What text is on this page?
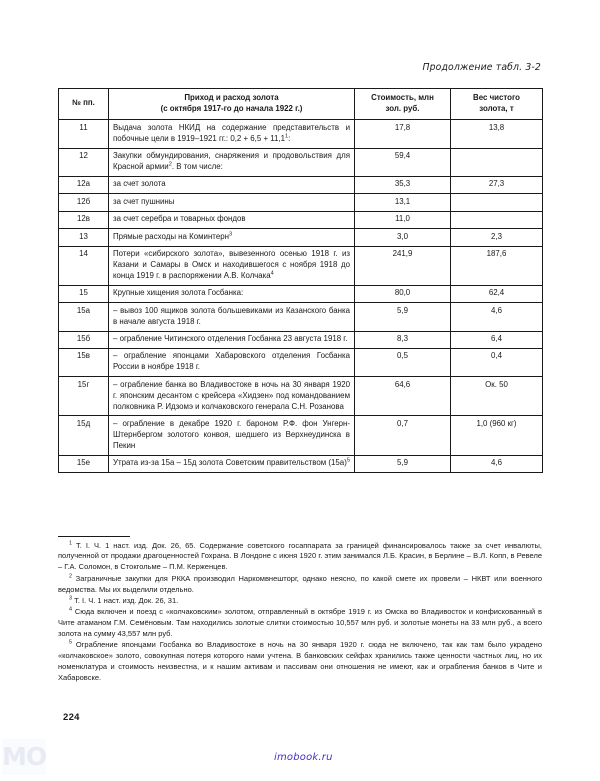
Продолжение табл. 3-2
№ пп.	
Приход и расход золота
(с октября 1917-го до начала 1922 г.)

Стоимость, млн
зол. руб.

Вес чистого
золота, т

11	Выдача золота НКИД на содержание представительств и побочные цели в 1919–1921 гг.: $0,2 + 6,5 + 11,1^1$:	17,8	13,8
12	Закупки обмундирования, снаряжения и продовольствия для Красной армии$^2$. В том числе:	59,4	
12а	за счет золота	35,3	27,3
12б	за счет пушнины	13,1	
12в	за счет серебра и товарных фондов	11,0	
13	Прямые расходы на Коминтерн$^3$	3,0	2,3
14	Потери «сибирского золота», вывезенного осенью 1918 г. из Казани и Самары в Омск и находившегося с ноября 1918 до конца 1919 г. в распоряжении А.В. Колчака$^4$	241,9	187,6
15	Крупные хищения золота Госбанка:	80,0	62,4
15а	– вывоз 100 ящиков золота большевиками из Казанского банка в начале августа 1918 г.	5,9	4,6
15б	– ограбление Читинского отделения Госбанка 23 августа 1918 г.	8,3	6,4
15в	– ограбление японцами Хабаровского отделения Госбанка России в ноябре 1918 г.	0,5	0,4
15г	– ограбление банка во Владивостоке в ночь на 30 января 1920 г. японским десантом с крейсера «Хидзен» под командованием полковника Р. Идзомэ и колчаковского генерала С.Н. Розанова	64,6	Ок. 50
15д	– ограбление в декабре 1920 г. бароном Р.Ф. фон Унгерн-Штернбергом золотого конвоя, шедшего из Верхнеудинска в Пекин	0,7	1,0 (960 кг)
15е	Утрата из-за 15а – 15д золота Советским правительством $(15а)^5$	5,9	4,6

$^1$ Т. I. Ч. 1 наст. изд. Док. 26, 65. Содержание советского госаппарата за границей финансировалось также за счет инвалюты, полученной от продажи драгоценностей Гохрана. В Лондоне с июня 1920 г. этим занимался Л.Б. Красин, в Берлине – В.Л. Копп, в Ревеле – Г.А. Соломон, в Стокгольме – П.М. Керженцев.

$^2$ Заграничные закупки для РККА производил Наркомвнешторг, однако неясно, по какой смете их провели – НКВТ или военного ведомства. Мы их выделили отдельно.

$^3$ Т. I. Ч. 1 наст. изд. Док. 26, 31.

$^4$ Сюда включен и поезд с «колчаковским» золотом, отправленный в октябре 1919 г. из Омска во Владивосток и конфискованный в Чите атаманом Г.М. Семёновым. Там находились золотые слитки стоимостью 10,557 млн руб. и золотые монеты на 33 млн руб., а всего золота на сумму 43,557 млн руб.

$^5$ Ограбление японцами Госбанка во Владивостоке в ночь на 30 января 1920 г. сюда не включено, так как там было украдено «колчаковское» золото, совокупная потеря которого нами учтена. В банковских сейфах хранились также ценности частных лиц, но их номенклатура и стоимость неизвестна, и к нашим активам и пассивам они отношения не имеют, как и ограбления банков в Чите и Хабаровске.

224
MO	imobook.ru
